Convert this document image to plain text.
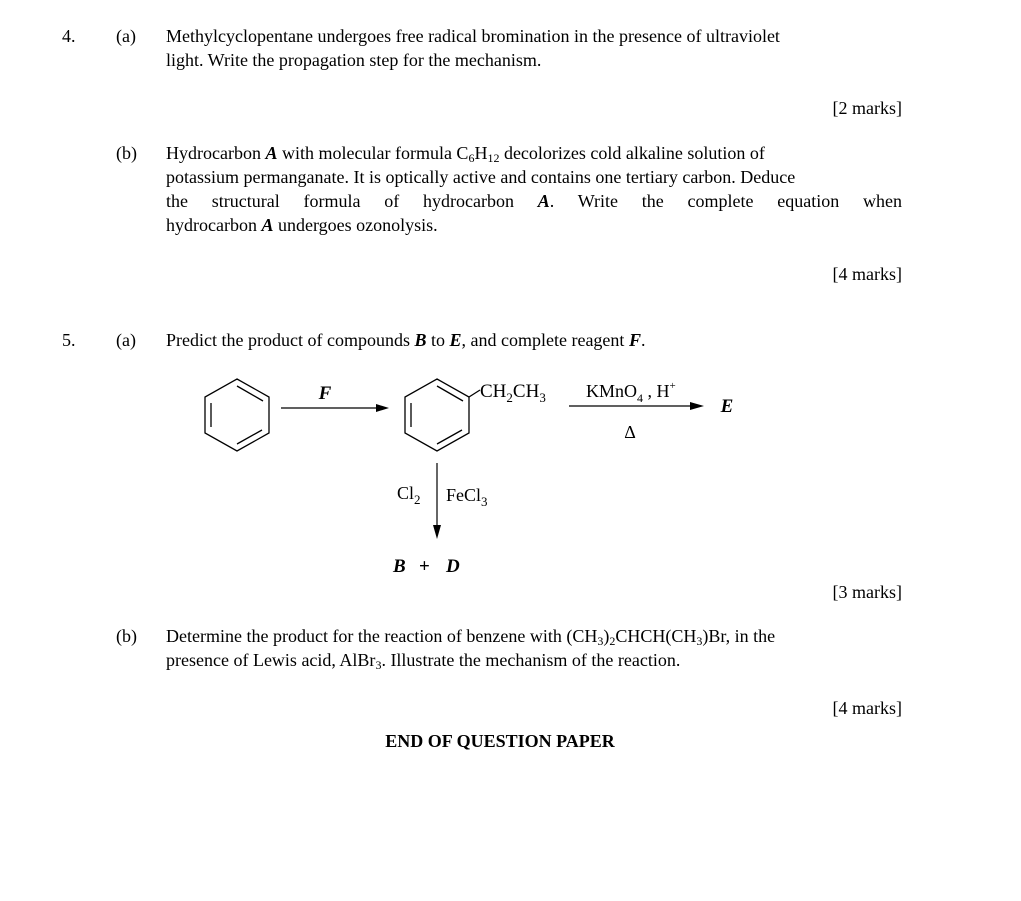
4. (a) Methylcyclopentane undergoes free radical bromination in the presence of ultraviolet
light. Write the propagation step for the mechanism.
[2 marks]
(b) Hydrocarbon A with molecular formula $C_6H_{12}$ decolorizes cold alkaline solution of
potassium permanganate. It is optically active and contains one tertiary carbon. Deduce
the structural formula of hydrocarbon A. Write the complete equation when
hydrocarbon A undergoes ozonolysis.
[4 marks]
5. (a) Predict the product of compounds B to E, and complete reagent F.
F	$CH_2CH_3$ KMnO$_4$ , H+
Δ
E
$Cl_2$ FeCl$_3$
B + D
[3 marks]
(b) Determine the product for the reaction of benzene with $(CH_3)_2CHCH(CH_3)Br$, in the
presence of Lewis acid, AlBr$_3$. Illustrate the mechanism of the reaction.
[4 marks]
END OF QUESTION PAPER
